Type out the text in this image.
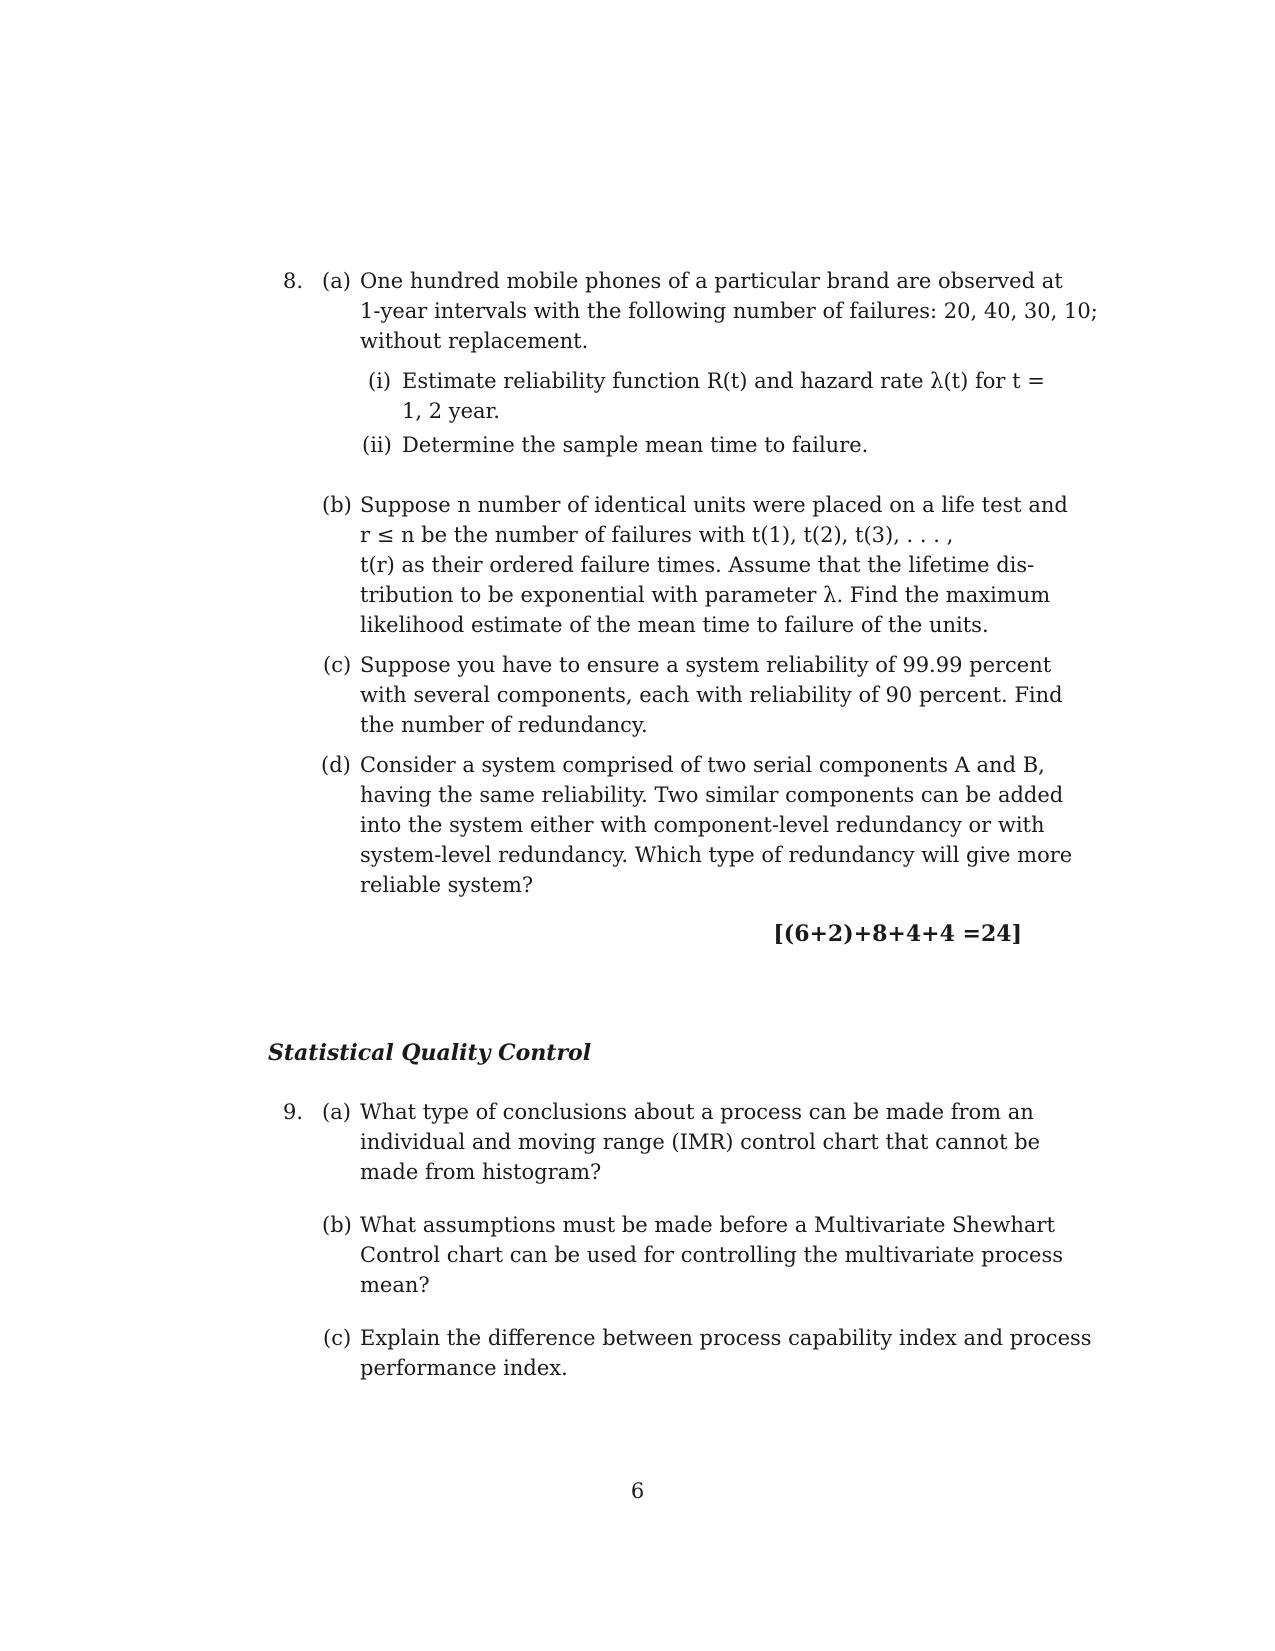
8. (a) One hundred mobile phones of a particular brand are observed at
1-year intervals with the following number of failures: 20, 40, 30, 10;
without replacement.
(i) Estimate reliability function R(t) and hazard rate λ(t) for t =
1, 2 year.
(ii) Determine the sample mean time to failure.
(b) Suppose n number of identical units were placed on a life test and
r ≤ n be the number of failures with t(1), t(2), t(3), . . . ,
t(r) as their ordered failure times. Assume that the lifetime dis-
tribution to be exponential with parameter λ. Find the maximum
likelihood estimate of the mean time to failure of the units.
(c) Suppose you have to ensure a system reliability of 99.99 percent
with several components, each with reliability of 90 percent. Find
the number of redundancy.
(d) Consider a system comprised of two serial components A and B,
having the same reliability. Two similar components can be added
into the system either with component-level redundancy or with
system-level redundancy. Which type of redundancy will give more
reliable system?
[(6+2)+8+4+4 =24]
Statistical Quality Control
9. (a) What type of conclusions about a process can be made from an
individual and moving range (IMR) control chart that cannot be
made from histogram?
(b) What assumptions must be made before a Multivariate Shewhart
Control chart can be used for controlling the multivariate process
mean?
(c) Explain the difference between process capability index and process
performance index.
6
